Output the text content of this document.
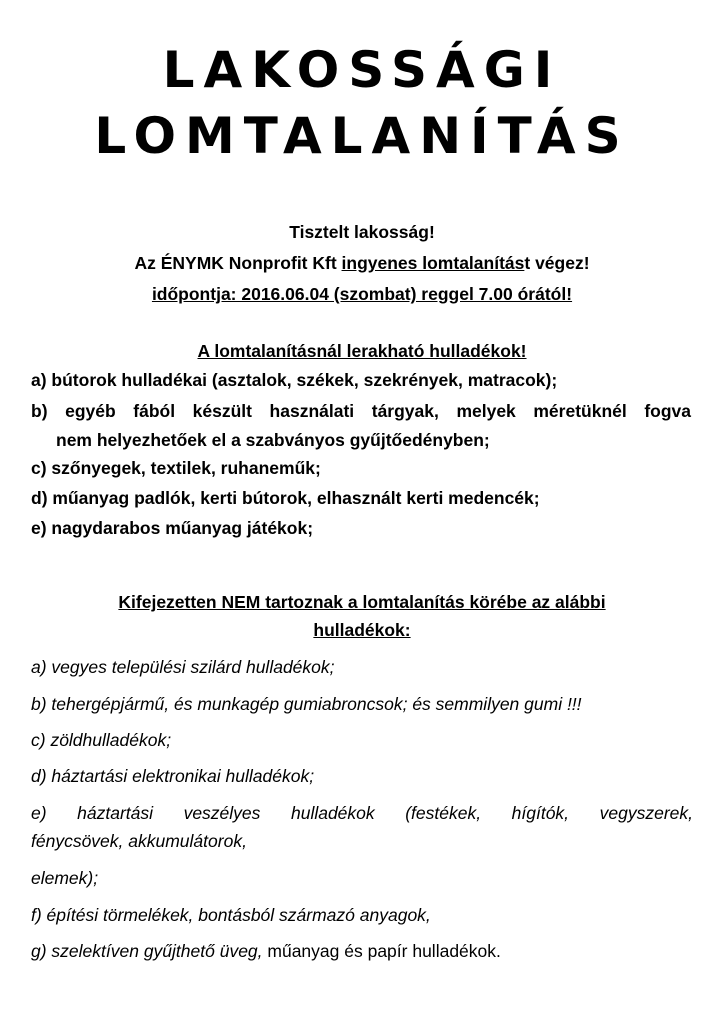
LAKOSSÁGI
LOMTALANÍTÁS
Tisztelt lakosság!
Az ÉNYMK Nonprofit Kft ingyenes lomtalanítást végez!
időpontja: 2016.06.04 (szombat) reggel 7.00 órától!
A lomtalanításnál lerakható hulladékok!
a) bútorok hulladékai (asztalok, székek, szekrények, matracok);
b) egyéb fából készült használati tárgyak, melyek méretüknél fogva
nem helyezhetőek el a szabványos gyűjtőedényben;
c) szőnyegek, textilek, ruhaneműk;
d) műanyag padlók, kerti bútorok, elhasznált kerti medencék;
e) nagydarabos műanyag játékok;
Kifejezetten NEM tartoznak a lomtalanítás körébe az alábbi
hulladékok:
a) vegyes települési szilárd hulladékok;
b) tehergépjármű, és munkagép gumiabroncsok; és semmilyen gumi !!!
c) zöldhulladékok;
d) háztartási elektronikai hulladékok;
e) háztartási veszélyes hulladékok (festékek, hígítók, vegyszerek,
fénycsövek, akkumulátorok,
elemek);
f) építési törmelékek, bontásból származó anyagok,
g) szelektíven gyűjthető üveg, műanyag és papír hulladékok.
